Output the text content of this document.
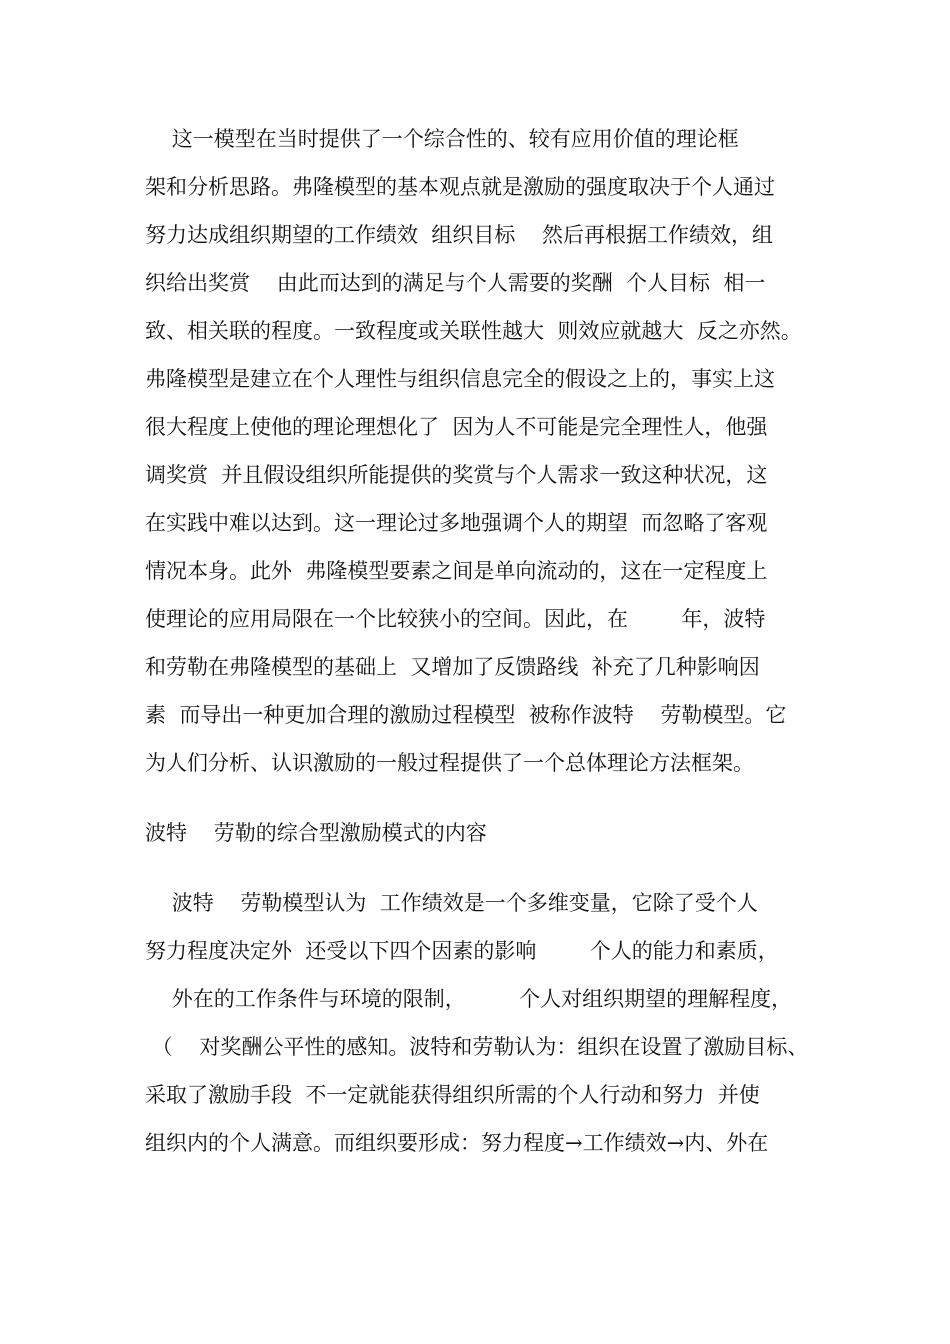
这一模型在当时提供了一个综合性的、较有应用价值的理论框
架和分析思路。弗隆模型的基本观点就是激励的强度取决于个人通过
努力达成组织期望的工作绩效  组织目标    然后再根据工作绩效，组
织给出奖赏    由此而达到的满足与个人需要的奖酬  个人目标  相一
致、相关联的程度。一致程度或关联性越大  则效应就越大  反之亦然。
弗隆模型是建立在个人理性与组织信息完全的假设之上的，事实上这
很大程度上使他的理论理想化了  因为人不可能是完全理性人，他强
调奖赏  并且假设组织所能提供的奖赏与个人需求一致这种状况，这
在实践中难以达到。这一理论过多地强调个人的期望  而忽略了客观
情况本身。此外  弗隆模型要素之间是单向流动的，这在一定程度上
使理论的应用局限在一个比较狭小的空间。因此，在        年，波特
和劳勒在弗隆模型的基础上  又增加了反馈路线  补充了几种影响因
素  而导出一种更加合理的激励过程模型  被称作波特    劳勒模型。它
为人们分析、认识激励的一般过程提供了一个总体理论方法框架。
波特    劳勒的综合型激励模式的内容
波特    劳勒模型认为  工作绩效是一个多维变量，它除了受个人
努力程度决定外  还受以下四个因素的影响        个人的能力和素质，
外在的工作条件与环境的限制，        个人对组织期望的理解程度，
（    对奖酬公平性的感知。波特和劳勒认为：组织在设置了激励目标、
采取了激励手段  不一定就能获得组织所需的个人行动和努力  并使
组织内的个人满意。而组织要形成：努力程度→工作绩效→内、外在
